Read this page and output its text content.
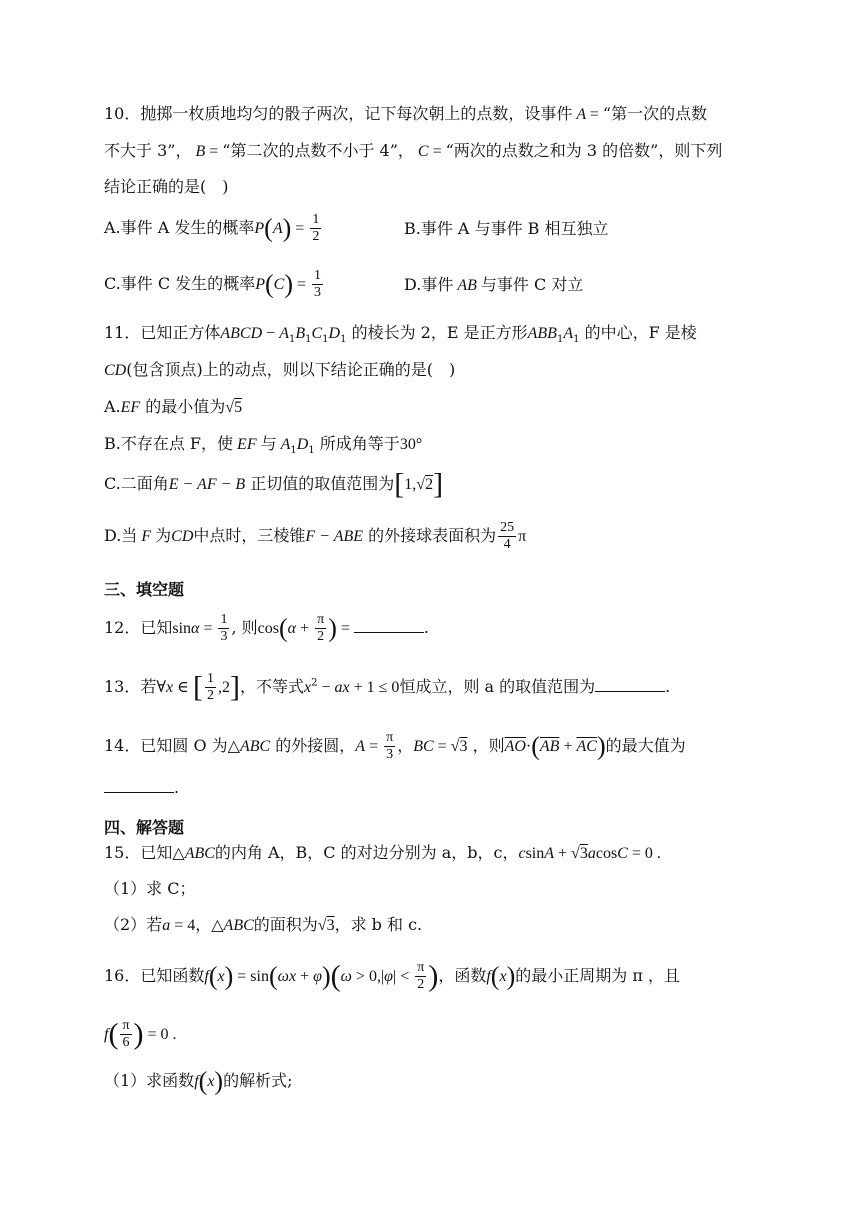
10．抛掷一枚质地均匀的骰子两次，记下每次朝上的点数，设事件 A = “第一次的点数
不大于 3”， B = “第二次的点数不小于 4”， C = “两次的点数之和为 3 的倍数”，则下列
结论正确的是(　)
A.事件 A 发生的概率$P(A) = \frac{1}{2}$	B.事件 A 与事件 B 相互独立
C.事件 C 发生的概率$P(C) = \frac{1}{3}$	D.事件 AB 与事件 C 对立
11．已知正方体ABCD − $A_1B_1C_1D_1$ 的棱长为 2，E 是正方形$ABB_1A_1$ 的中心，F 是棱
CD(包含顶点)上的动点，则以下结论正确的是(　)
A.EF 的最小值为√5
B.不存在点 F，使 EF 与 $A_1D_1$ 所成角等于30°
C.二面角E − AF − B 正切值的取值范围为[1,√2]
D.当 F 为CD中点时，三棱锥F − ABE 的外接球表面积为 $\frac{25}{4}$ π
三、填空题
12．已知$\sin\alpha = \frac{1}{3}$ , 则$\cos(\alpha + \frac{\pi}{2}$ ) =	.
13．若∀x ∈ [ $\frac{1}{2} ,2$]，不等式$x^2$ − ax + 1 ≤ 0恒成立，则 a 的取值范围为	.
14．已知圆 O 为△ABC 的外接圆，$A = \frac{\pi}{3}$ ，BC = √3 ，则$\overline{AO}\cdot(\overline{AB} + \overline{AC})$的最大值为
.
四、解答题
15．已知△ABC的内角 A，B，C 的对边分别为 a，b，c，csinA + √3acosC = 0 .
（1）求 C；
（2）若a = 4，△ABC的面积为√3，求 b 和 c.
16．已知函数$f(x) = \sin(\omega x + \varphi)(\omega > 0,|\varphi| < \frac{\pi}{2}$ )，函数f(x)的最小正周期为 π ，且
$f( \frac{\pi}{6}$ ) = 0 .
（1）求函数f(x)的解析式;
